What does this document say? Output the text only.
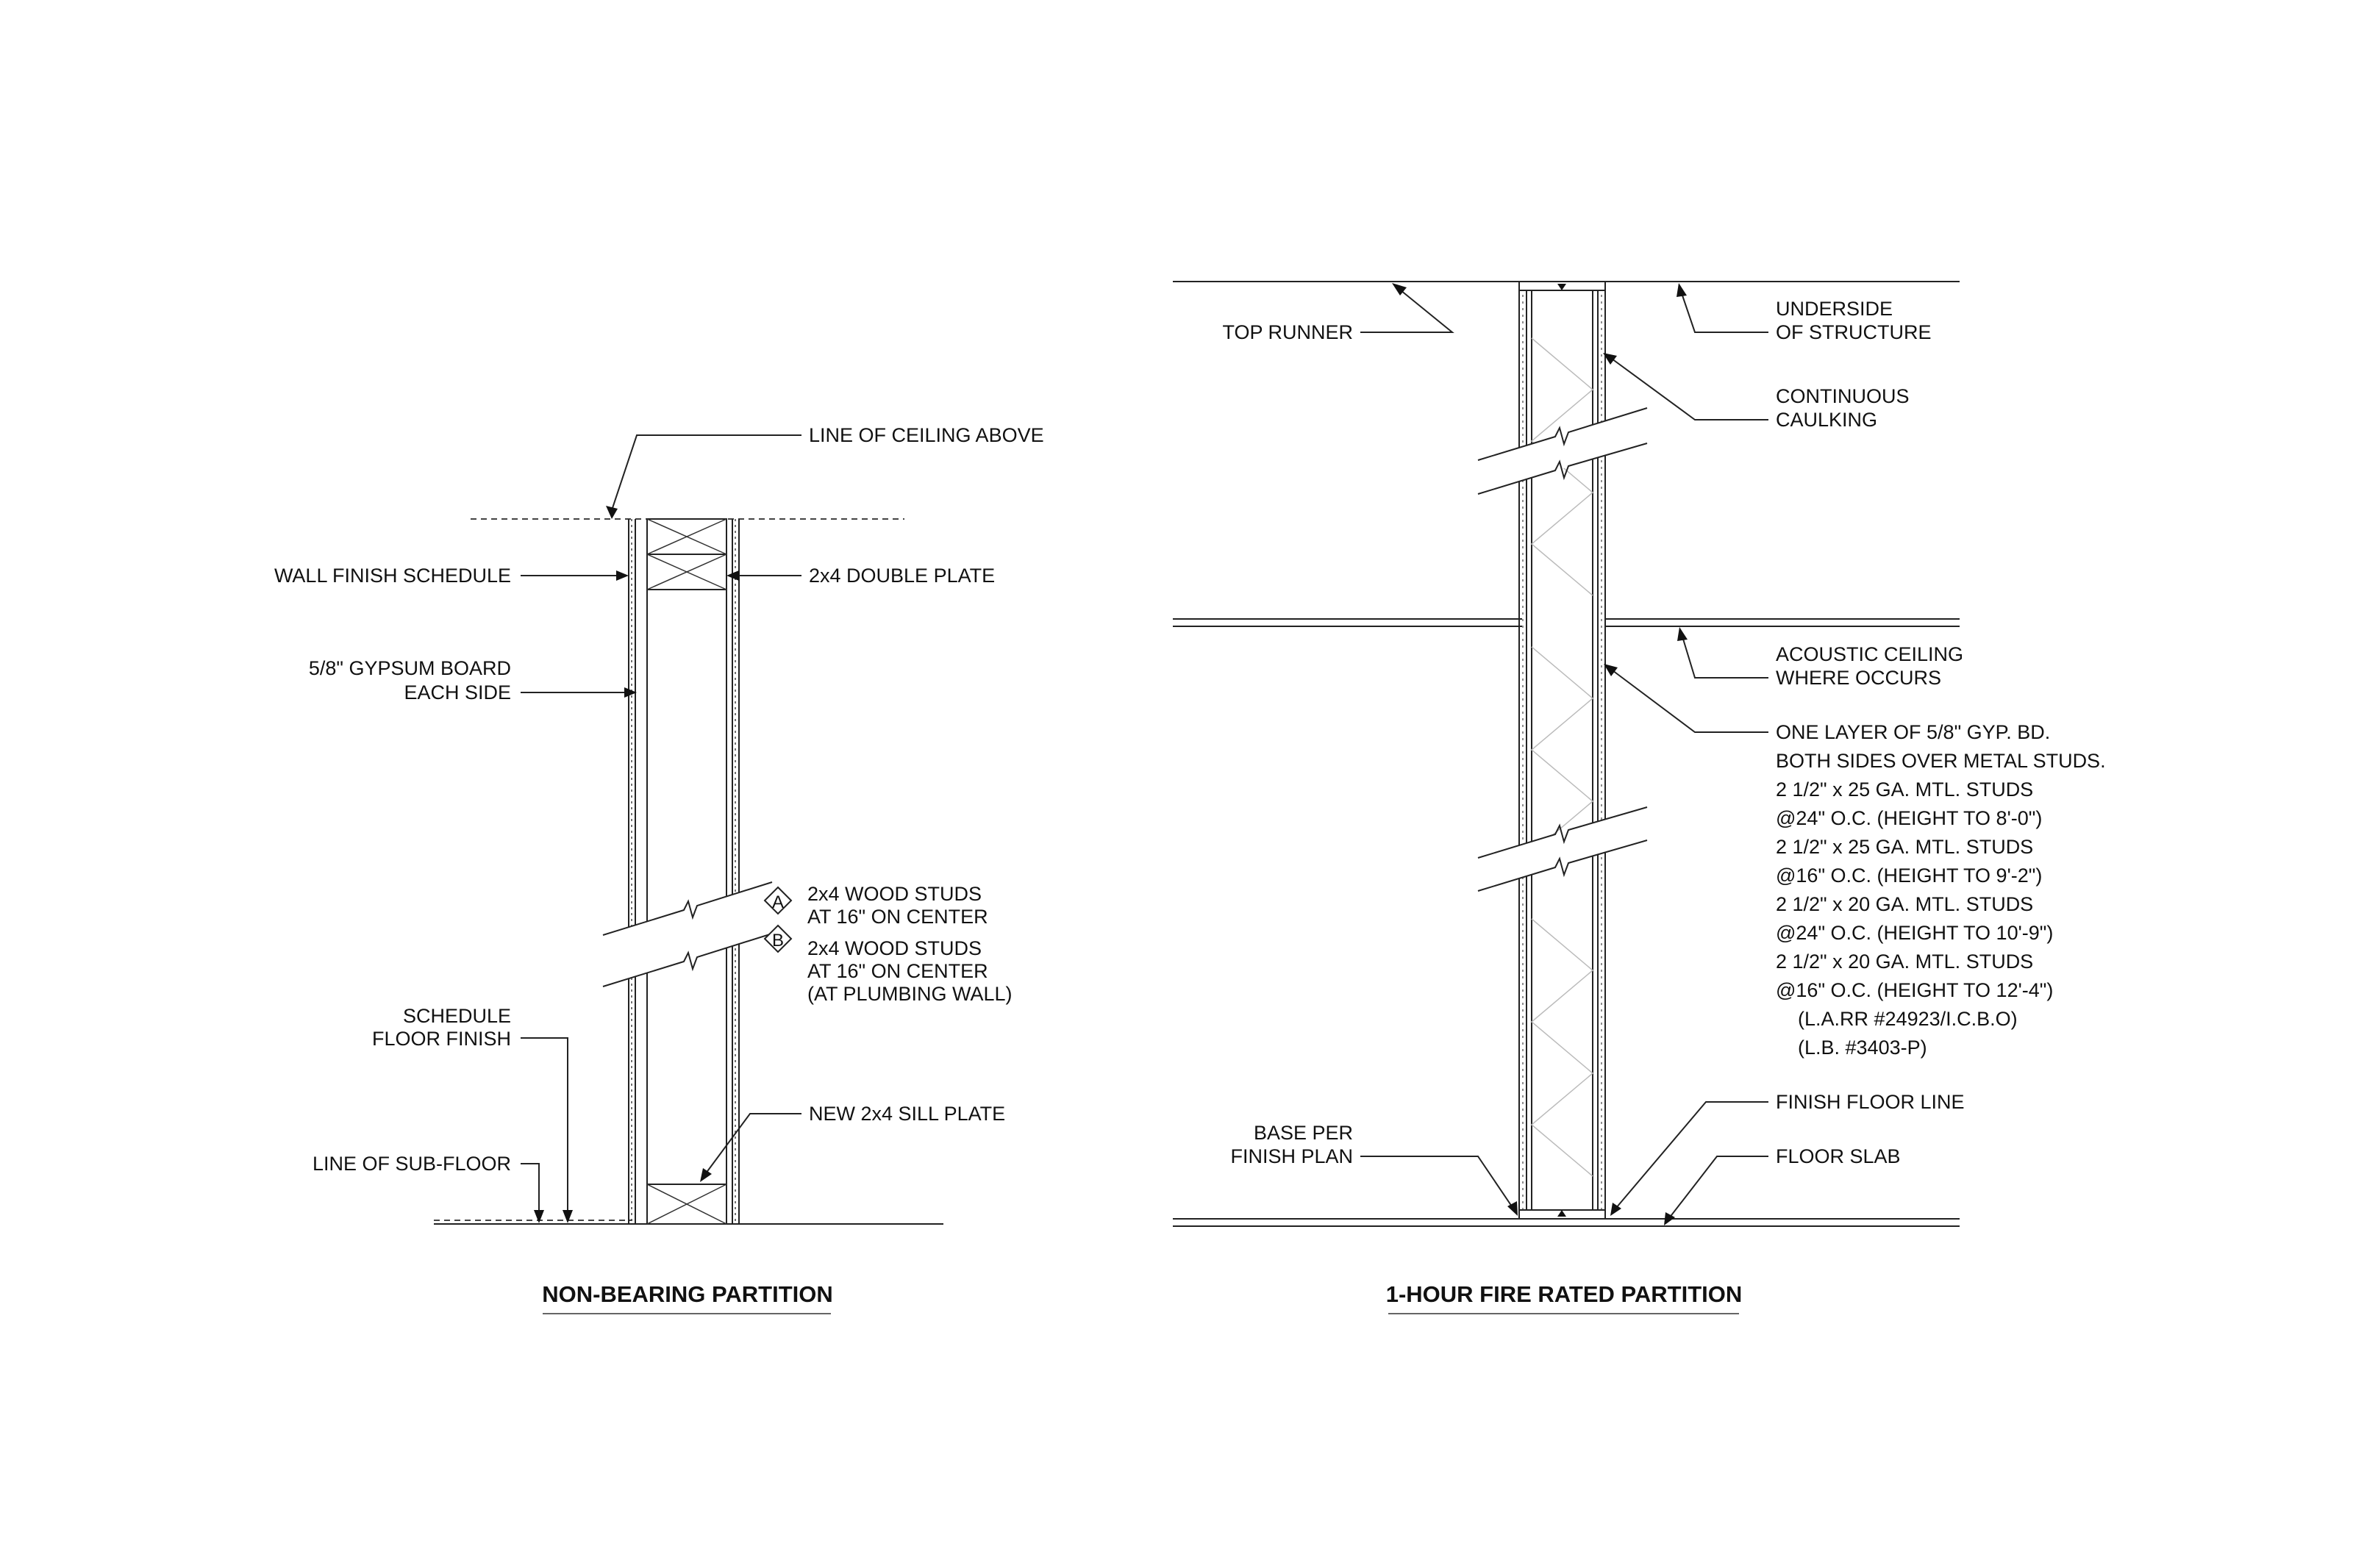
A
B
LINE OF CEILING ABOVE
WALL FINISH SCHEDULE	2x4 DOUBLE PLATE
5/8" GYPSUM BOARD
EACH SIDE
2x4 WOOD STUDS
AT 16" ON CENTER
2x4 WOOD STUDS
AT 16" ON CENTER
(AT PLUMBING WALL)
SCHEDULE
FLOOR FINISH
NEW 2x4 SILL PLATE
LINE OF SUB-FLOOR
NON-BEARING PARTITION
TOP RUNNER
UNDERSIDE
OF STRUCTURE
CONTINUOUS
CAULKING
ACOUSTIC CEILING
WHERE OCCURS
ONE LAYER OF 5/8" GYP. BD.
BOTH SIDES OVER METAL STUDS.
2 1/2" x 25 GA. MTL. STUDS
@24" O.C. (HEIGHT TO 8'-0")
2 1/2" x 25 GA. MTL. STUDS
@16" O.C. (HEIGHT TO 9'-2")
2 1/2" x 20 GA. MTL. STUDS
@24" O.C. (HEIGHT TO 10'-9")
2 1/2" x 20 GA. MTL. STUDS
@16" O.C. (HEIGHT TO 12'-4")
(L.A.RR #24923/I.C.B.O)
(L.B. #3403-P)
BASE PER
FINISH PLAN
FINISH FLOOR LINE
FLOOR SLAB
1-HOUR FIRE RATED PARTITION
